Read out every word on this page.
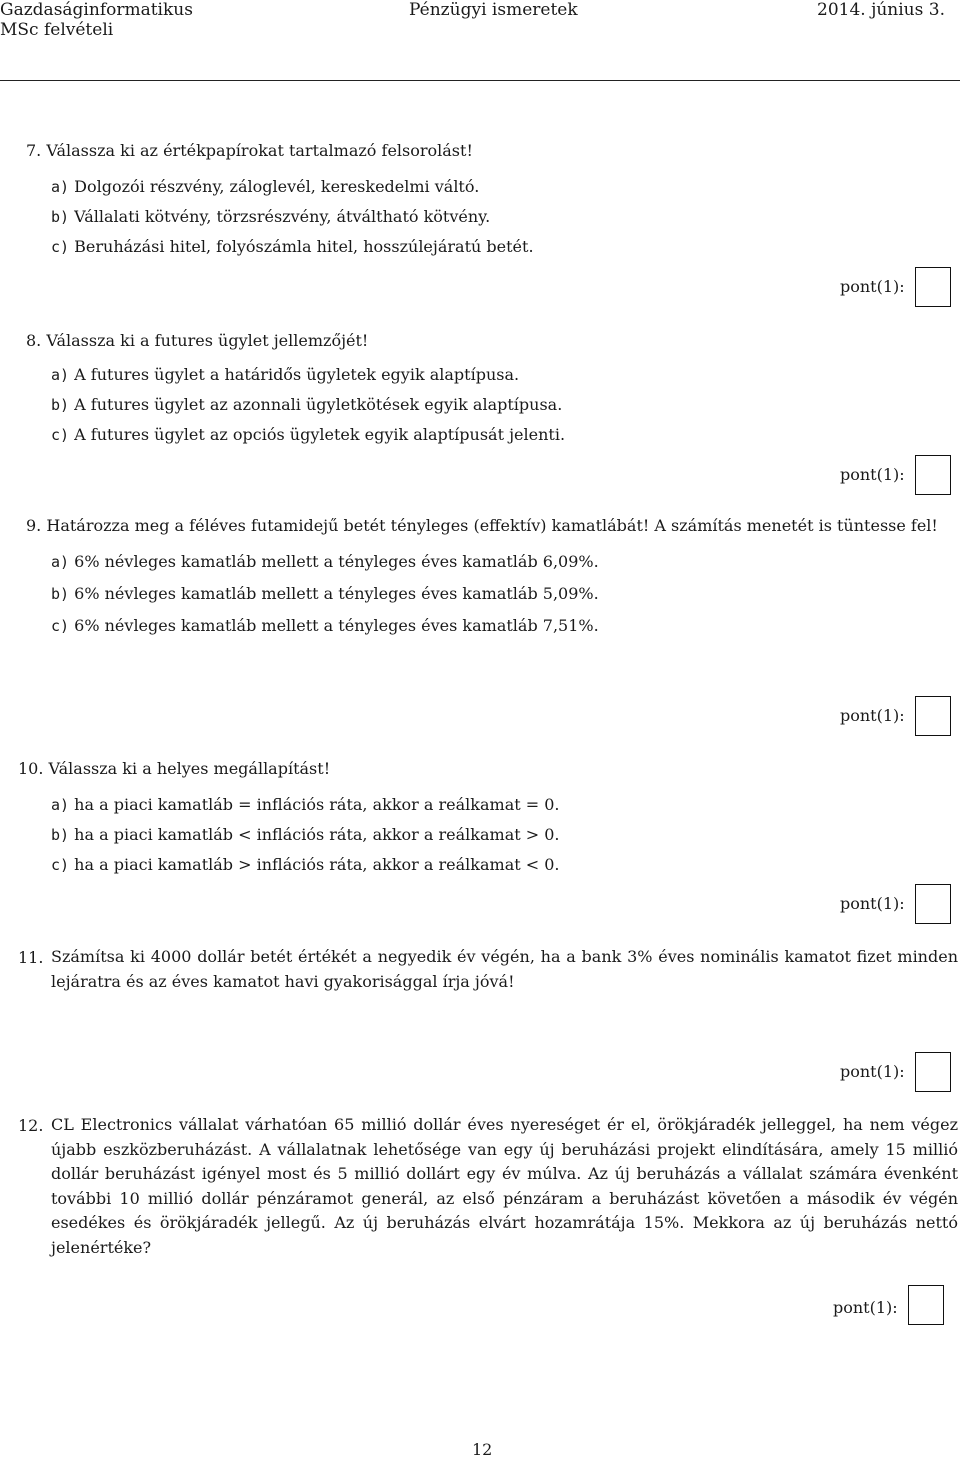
Gazdaságinformatikus
MSc felvételi
Pénzügyi ismeretek	2014. június 3.
7. Válassza ki az értékpapírokat tartalmazó felsorolást!
a) Dolgozói részvény, záloglevél, kereskedelmi váltó.
b) Vállalati kötvény, törzsrészvény, átváltható kötvény.
c) Beruházási hitel, folyószámla hitel, hosszúlejáratú betét.
pont(1):
8. Válassza ki a futures ügylet jellemzőjét!
a) A futures ügylet a határidős ügyletek egyik alaptípusa.
b) A futures ügylet az azonnali ügyletkötések egyik alaptípusa.
c) A futures ügylet az opciós ügyletek egyik alaptípusát jelenti.
pont(1):
9. Határozza meg a féléves futamidejű betét tényleges (effektív) kamatlábát! A számítás menetét is tüntesse fel!
a) 6% névleges kamatláb mellett a tényleges éves kamatláb 6,09%.
b) 6% névleges kamatláb mellett a tényleges éves kamatláb 5,09%.
c) 6% névleges kamatláb mellett a tényleges éves kamatláb 7,51%.
pont(1):
10. Válassza ki a helyes megállapítást!
a) ha a piaci kamatláb = inflációs ráta, akkor a reálkamat = 0.
b) ha a piaci kamatláb < inflációs ráta, akkor a reálkamat > 0.
c) ha a piaci kamatláb > inflációs ráta, akkor a reálkamat < 0.
pont(1):
11. Számítsa ki 4000 dollár betét értékét a negyedik év végén, ha a bank 3% éves nominális kamatot fizet minden lejáratra és az éves kamatot havi gyakorisággal írja jóvá!
pont(1):
12. CL Electronics vállalat várhatóan 65 millió dollár éves nyereséget ér el, örökjáradék jelleggel, ha nem végez újabb eszközberuházást. A vállalatnak lehetősége van egy új beruházási projekt elindítására, amely 15 millió dollár beruházást igényel most és 5 millió dollárt egy év múlva. Az új beruházás a vállalat számára évenként további 10 millió dollár pénzáramot generál, az első pénzáram a beruházást követően a második év végén esedékes és örökjáradék jellegű. Az új beruházás elvárt hozamrátája 15%. Mekkora az új beruházás nettó jelenértéke?
pont(1):
12
